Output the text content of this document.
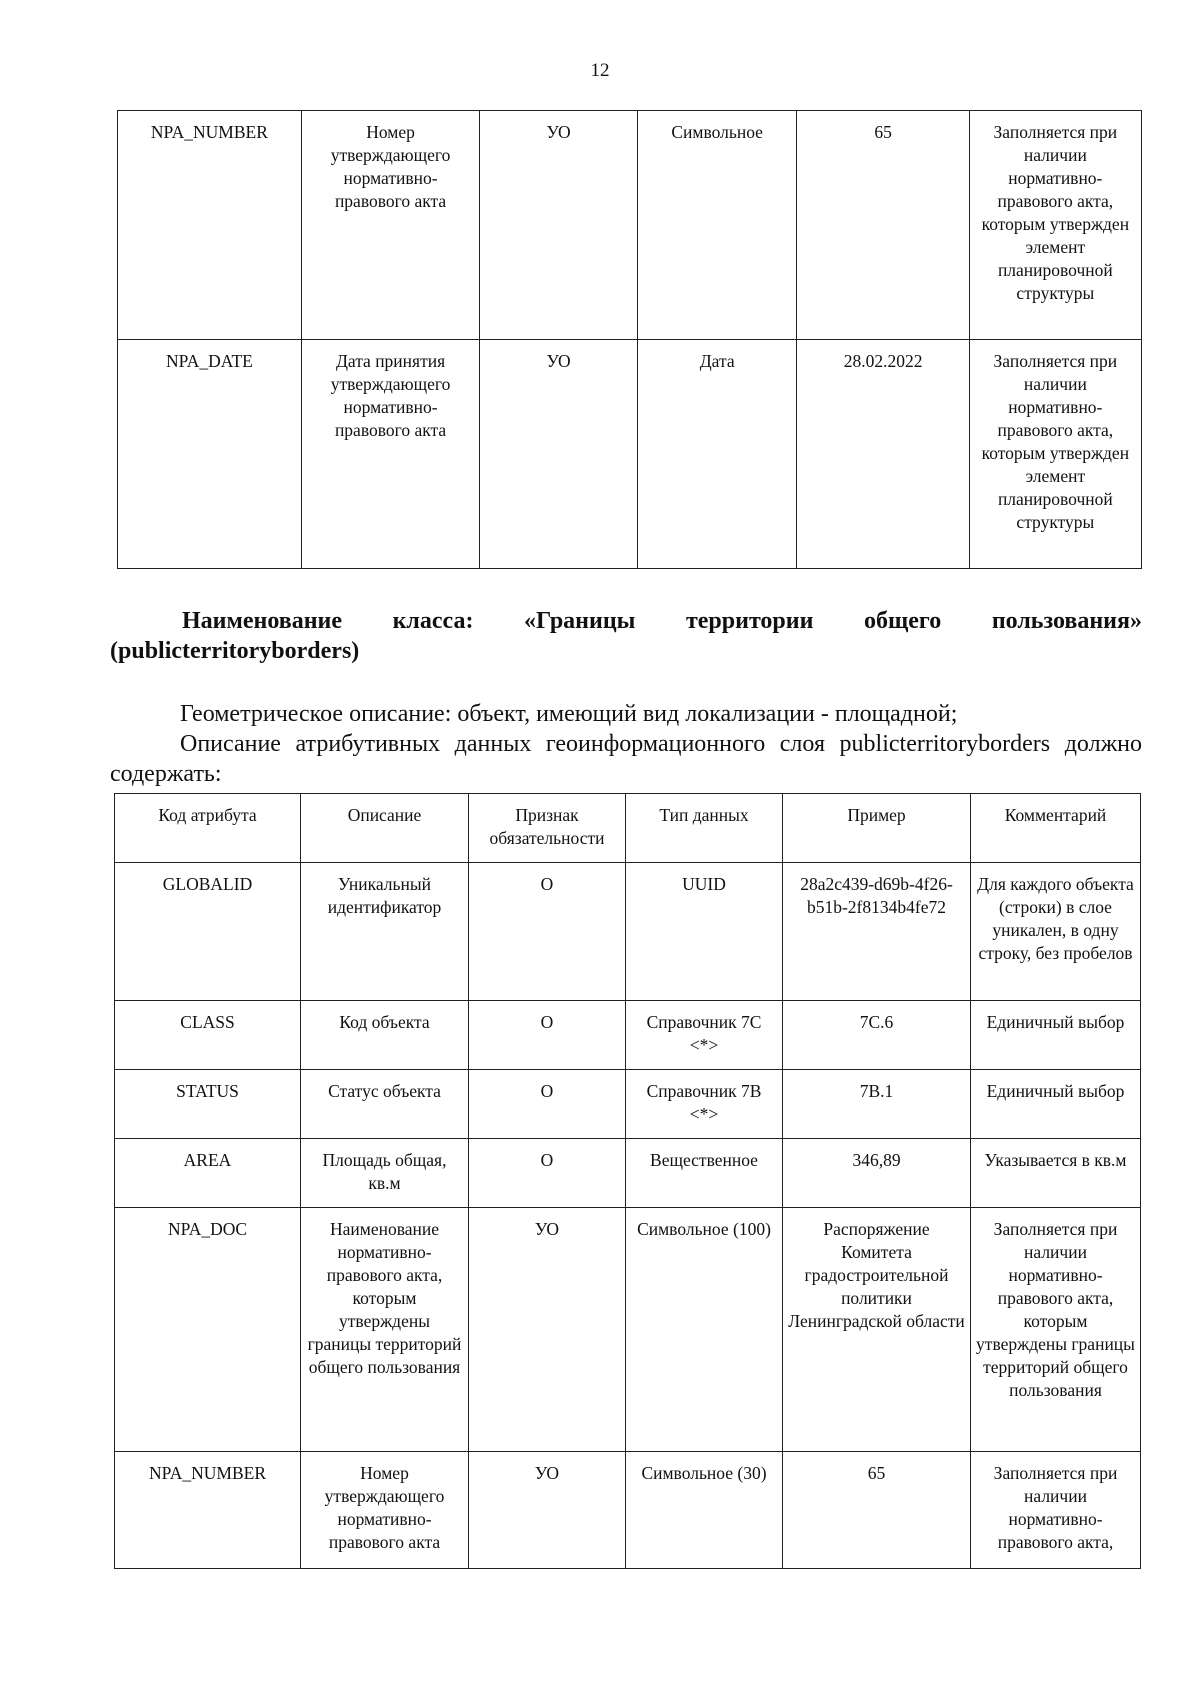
12
NPA_NUMBER	Номер утверждающего нормативно-правового акта	УО	Символьное	65	Заполняется при наличии нормативно-правового акта, которым утвержден элемент планировочной структуры
NPA_DATE	Дата принятия утверждающего нормативно-правового акта	УО	Дата	28.02.2022	Заполняется при наличии нормативно-правового акта, которым утвержден элемент планировочной структуры
Наименование класса: «Границы территории общего пользования» (publicterritoryborders)
Геометрическое описание: объект, имеющий вид локализации - площадной;
Описание атрибутивных данных геоинформационного слоя publicterritoryborders должно содержать:
Код атрибута	Описание	Признак обязательности	Тип данных	Пример	Комментарий
GLOBALID	Уникальный идентификатор	О	UUID	28a2c439-d69b-4f26-b51b-2f8134b4fe72	Для каждого объекта (строки) в слое уникален, в одну строку, без пробелов
CLASS	Код объекта	О	Справочник 7С <*>	7С.6	Единичный выбор
STATUS	Статус объекта	О	Справочник 7В <*>	7В.1	Единичный выбор
AREA	Площадь общая, кв.м	О	Вещественное	346,89	Указывается в кв.м
NPA_DOC	Наименование нормативно-правового акта, которым утверждены границы территорий общего пользования	УО	Символьное (100)	Распоряжение Комитета градостроительной политики Ленинградской области	Заполняется при наличии нормативно-правового акта, которым утверждены границы территорий общего пользования
NPA_NUMBER	Номер утверждающего нормативно-правового акта	УО	Символьное (30)	65	Заполняется при наличии нормативно-правового акта,
